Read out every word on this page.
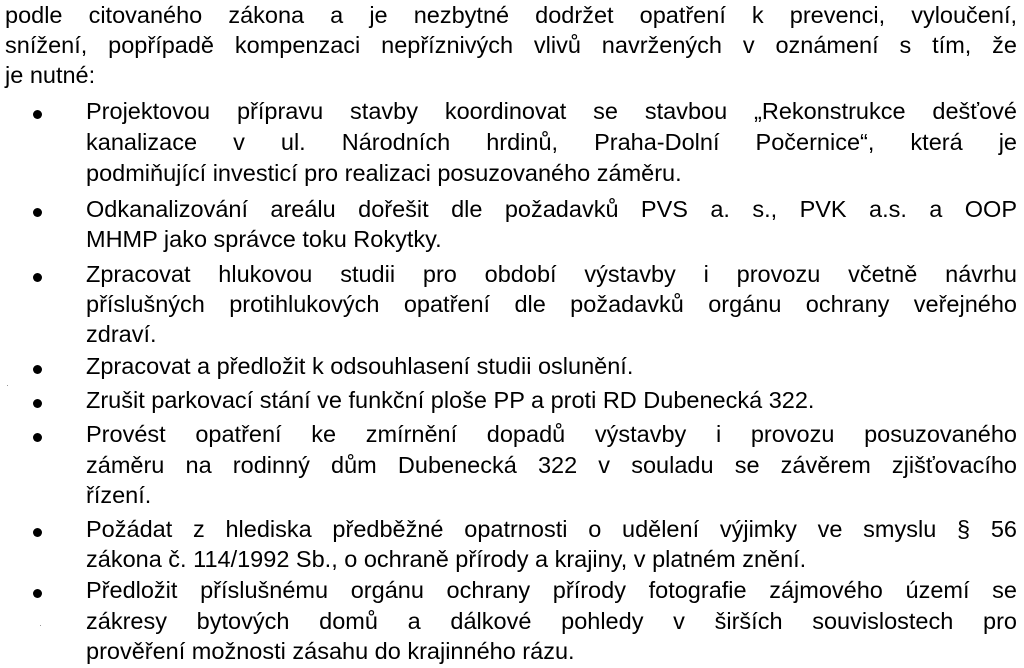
podle citovaného zákona a je nezbytné dodržet opatření k prevenci, vyloučení,
snížení, popřípadě kompenzaci nepříznivých vlivů navržených v oznámení s tím, že
je nutné:
Projektovou přípravu stavby koordinovat se stavbou „Rekonstrukce dešťové
kanalizace v ul. Národních hrdinů, Praha-Dolní Počernice“, která je
podmiňující investicí pro realizaci posuzovaného záměru.
Odkanalizování areálu dořešit dle požadavků PVS a. s., PVK a.s. a OOP
MHMP jako správce toku Rokytky.
Zpracovat hlukovou studii pro období výstavby i provozu včetně návrhu
příslušných protihlukových opatření dle požadavků orgánu ochrany veřejného
zdraví.
Zpracovat a předložit k odsouhlasení studii oslunění.
Zrušit parkovací stání ve funkční ploše PP a proti RD Dubenecká 322.
Provést opatření ke zmírnění dopadů výstavby i provozu posuzovaného
záměru na rodinný dům Dubenecká 322 v souladu se závěrem zjišťovacího
řízení.
Požádat z hlediska předběžné opatrnosti o udělení výjimky ve smyslu § 56
zákona č. 114/1992 Sb., o ochraně přírody a krajiny, v platném znění.
Předložit příslušnému orgánu ochrany přírody fotografie zájmového území se
zákresy bytových domů a dálkové pohledy v širších souvislostech pro
prověření možnosti zásahu do krajinného rázu.
